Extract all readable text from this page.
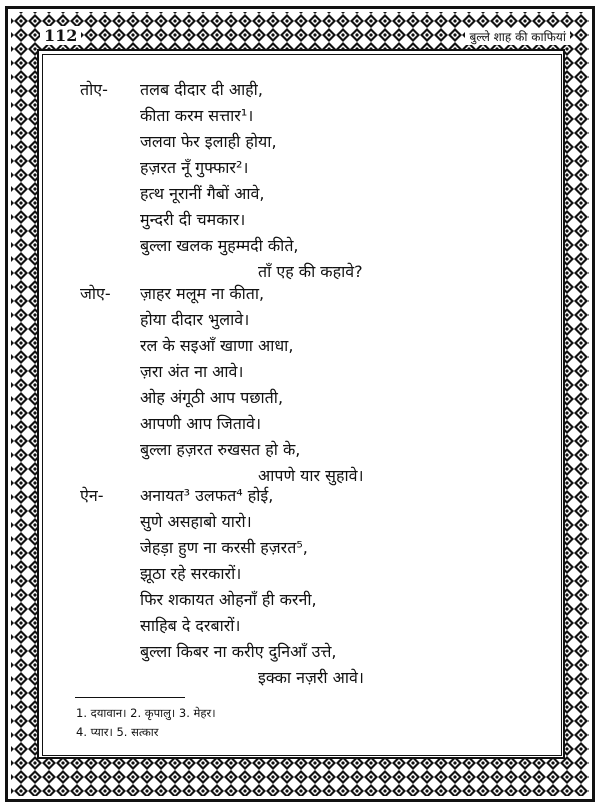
112	बुल्ले शाह की काफियां
तोए- तलब दीदार दी आही,
कीता करम सत्तार¹।
जलवा फेर इलाही होया,
हज़रत नूँ गुफ्फार²।
हत्थ नूरानीं गैबों आवे,
मुन्दरी दी चमकार।
बुल्ला खलक मुहम्मदी कीते,
ताँ एह की कहावे?
जोए- ज़ाहर मलूम ना कीता,
होया दीदार भुलावे।
रल के सइआँ खाणा आधा,
ज़रा अंत ना आवे।
ओह अंगूठी आप पछाती,
आपणी आप जितावे।
बुल्ला हज़रत रुखसत हो के,
आपणे यार सुहावे।
ऐन- अनायत³ उलफत⁴ होई,
सुणे असहाबो यारो।
जेहड़ा हुण ना करसी हज़रत⁵,
झूठा रहे सरकारों।
फिर शकायत ओहनाँ ही करनी,
साहिब दे दरबारों।
बुल्ला किबर ना करीए दुनिआँ उत्ते,
इक्का नज़री आवे।
1. दयावान। 2. कृपालु। 3. मेहर।
4. प्यार। 5. सत्कार
